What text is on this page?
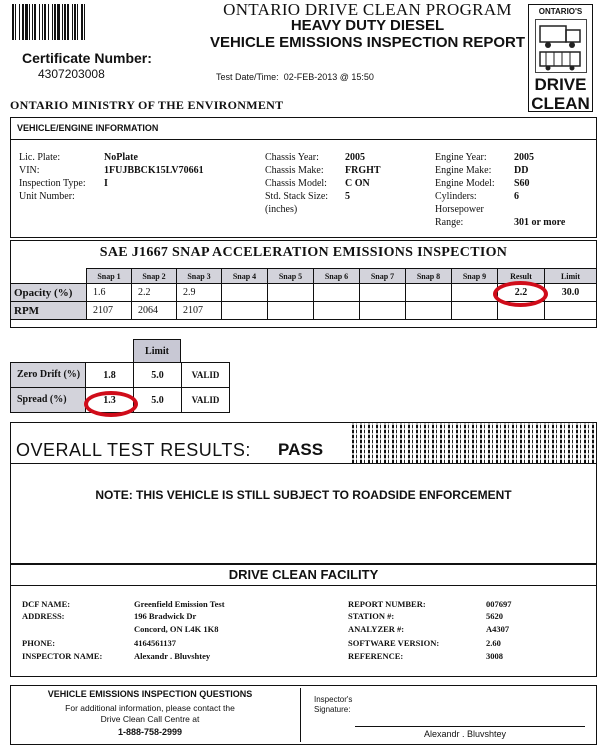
Certificate Number:
4307203008
ONTARIO DRIVE CLEAN PROGRAM
HEAVY DUTY DIESEL
VEHICLE EMISSIONS INSPECTION REPORT
Test Date/Time: 02-FEB-2013 @ 15:50
ONTARIO'S
DRIVE
CLEAN
ONTARIO MINISTRY OF THE ENVIRONMENT
VEHICLE/ENGINE INFORMATION
Lic. Plate:	NoPlate
VIN:	1FUJBBCK15LV70661
Inspection Type: I
Unit Number:
Chassis Year:	2005
Chassis Make: FRGHT
Chassis Model: C ON
Std. Stack Size:
(inches)
5
Engine Year:	2005
Engine Make: DD
Engine Model: S60
Cylinders:	6
Horsepower
Range:	301 or more
SAE J1667 SNAP ACCELERATION EMISSIONS INSPECTION
	Snap 1	Snap 2	Snap 3	Snap 4	Snap 5	Snap 6	Snap 7	Snap 8	Snap 9	Result	Limit
Opacity (%)	1.6	2.2	2.9							2.2	30.0
RPM	2107	2064	2107								
Limit
Zero Drift (%)	1.8	5.0	VALID
Spread (%)	1.3	5.0	VALID
OVERALL TEST RESULTS: PASS
NOTE: THIS VEHICLE IS STILL SUBJECT TO ROADSIDE ENFORCEMENT
DRIVE CLEAN FACILITY
DCF NAME:	Greenfield Emission Test
ADDRESS:	196 Bradwick Dr
Concord, ON L4K 1K8
PHONE:	4164561137
INSPECTOR NAME:	Alexandr . Bluvshtey
REPORT NUMBER:	007697
STATION #:	5620
ANALYZER #:	A4307
SOFTWARE VERSION:	2.60
REFERENCE:	3008
VEHICLE EMISSIONS INSPECTION QUESTIONS
For additional information, please contact the
Drive Clean Call Centre at
1-888-758-2999
Inspector's Signature:
Alexandr . Bluvshtey
